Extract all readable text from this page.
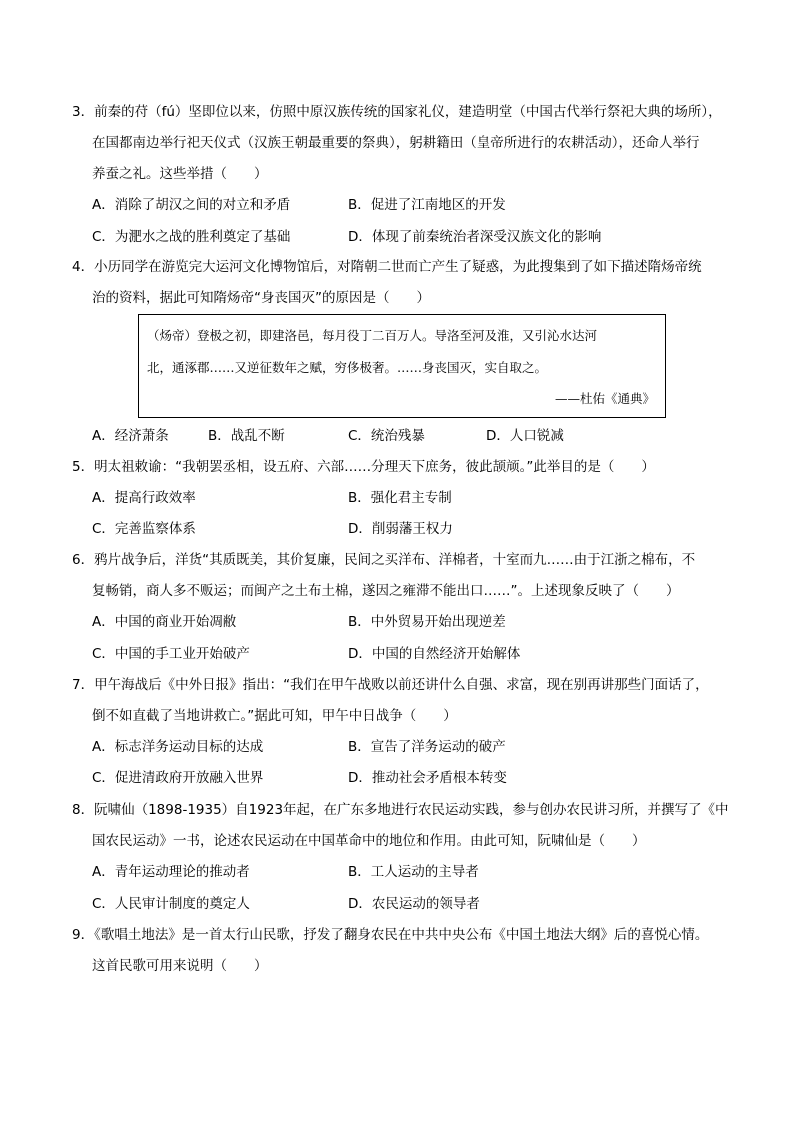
3．前秦的苻（fú）坚即位以来，仿照中原汉族传统的国家礼仪，建造明堂（中国古代举行祭祀大典的场所），
在国都南边举行祀天仪式（汉族王朝最重要的祭典），躬耕籍田（皇帝所进行的农耕活动），还命人举行
养蚕之礼。这些举措（　　）
A．消除了胡汉之间的对立和矛盾	B．促进了江南地区的开发
C．为淝水之战的胜利奠定了基础	D．体现了前秦统治者深受汉族文化的影响
4．小历同学在游览完大运河文化博物馆后，对隋朝二世而亡产生了疑惑，为此搜集到了如下描述隋炀帝统
治的资料，据此可知隋炀帝“身丧国灭”的原因是（　　）
（炀帝）登极之初，即建洛邑，每月役丁二百万人。导洛至河及淮，又引沁水达河
北，通涿郡……又逆征数年之赋，穷侈极奢。……身丧国灭，实自取之。
——杜佑《通典》
A．经济萧条	B．战乱不断	C．统治残暴	D．人口锐减
5．明太祖敕谕：“我朝罢丞相，设五府、六部……分理天下庶务，彼此颉颃。”此举目的是（　　）
A．提高行政效率	B．强化君主专制
C．完善监察体系	D．削弱藩王权力
6．鸦片战争后，洋货“其质既美，其价复廉，民间之买洋布、洋棉者，十室而九……由于江浙之棉布，不
复畅销，商人多不贩运；而闽产之土布土棉，遂因之雍滞不能出口……”。上述现象反映了（　　）
A．中国的商业开始凋敝	B．中外贸易开始出现逆差
C．中国的手工业开始破产	D．中国的自然经济开始解体
7．甲午海战后《中外日报》指出：“我们在甲午战败以前还讲什么自强、求富，现在别再讲那些门面话了，
倒不如直截了当地讲救亡。”据此可知，甲午中日战争（　　）
A．标志洋务运动目标的达成	B．宣告了洋务运动的破产
C．促进清政府开放融入世界	D．推动社会矛盾根本转变
8．阮啸仙（1898-1935）自1923年起，在广东多地进行农民运动实践，参与创办农民讲习所，并撰写了《中
国农民运动》一书，论述农民运动在中国革命中的地位和作用。由此可知，阮啸仙是（　　）
A．青年运动理论的推动者	B．工人运动的主导者
C．人民审计制度的奠定人	D．农民运动的领导者
9．《歌唱土地法》是一首太行山民歌，抒发了翻身农民在中共中央公布《中国土地法大纲》后的喜悦心情。
这首民歌可用来说明（　　）
